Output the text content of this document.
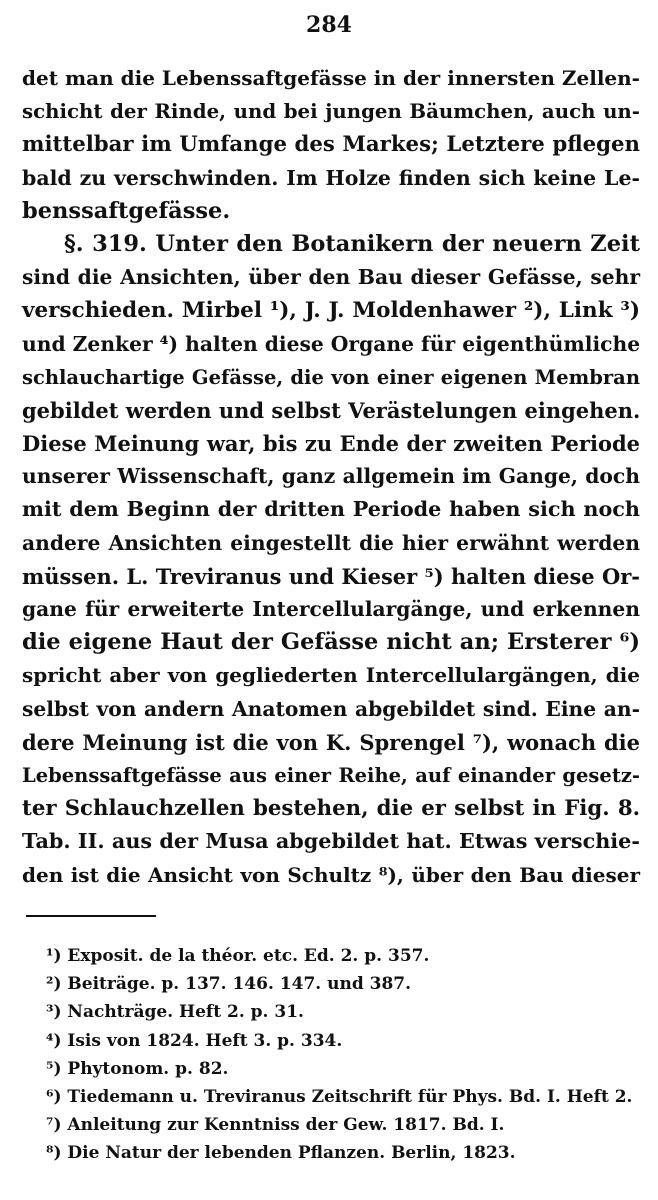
284
det man die Lebenssaftgefässe in der innersten Zellen-
schicht der Rinde, und bei jungen Bäumchen, auch un-
mittelbar im Umfange des Markes; Letztere pflegen
bald zu verschwinden. Im Holze finden sich keine Le-
benssaftgefässe.
§. 319. Unter den Botanikern der neuern Zeit
sind die Ansichten, über den Bau dieser Gefässe, sehr
verschieden. Mirbel ¹), J. J. Moldenhawer ²), Link ³)
und Zenker ⁴) halten diese Organe für eigenthümliche
schlauchartige Gefässe, die von einer eigenen Membran
gebildet werden und selbst Verästelungen eingehen.
Diese Meinung war, bis zu Ende der zweiten Periode
unserer Wissenschaft, ganz allgemein im Gange, doch
mit dem Beginn der dritten Periode haben sich noch
andere Ansichten eingestellt die hier erwähnt werden
müssen. L. Treviranus und Kieser ⁵) halten diese Or-
gane für erweiterte Intercellulargänge, und erkennen
die eigene Haut der Gefässe nicht an; Ersterer ⁶)
spricht aber von gegliederten Intercellulargängen, die
selbst von andern Anatomen abgebildet sind. Eine an-
dere Meinung ist die von K. Sprengel ⁷), wonach die
Lebenssaftgefässe aus einer Reihe, auf einander gesetz-
ter Schlauchzellen bestehen, die er selbst in Fig. 8.
Tab. II. aus der Musa abgebildet hat. Etwas verschie-
den ist die Ansicht von Schultz ⁸), über den Bau dieser
¹) Exposit. de la théor. etc. Ed. 2. p. 357.
²) Beiträge. p. 137. 146. 147. und 387.
³) Nachträge. Heft 2. p. 31.
⁴) Isis von 1824. Heft 3. p. 334.
⁵) Phytonom. p. 82.
⁶) Tiedemann u. Treviranus Zeitschrift für Phys. Bd. I. Heft 2.
⁷) Anleitung zur Kenntniss der Gew. 1817. Bd. I.
⁸) Die Natur der lebenden Pflanzen. Berlin, 1823.
